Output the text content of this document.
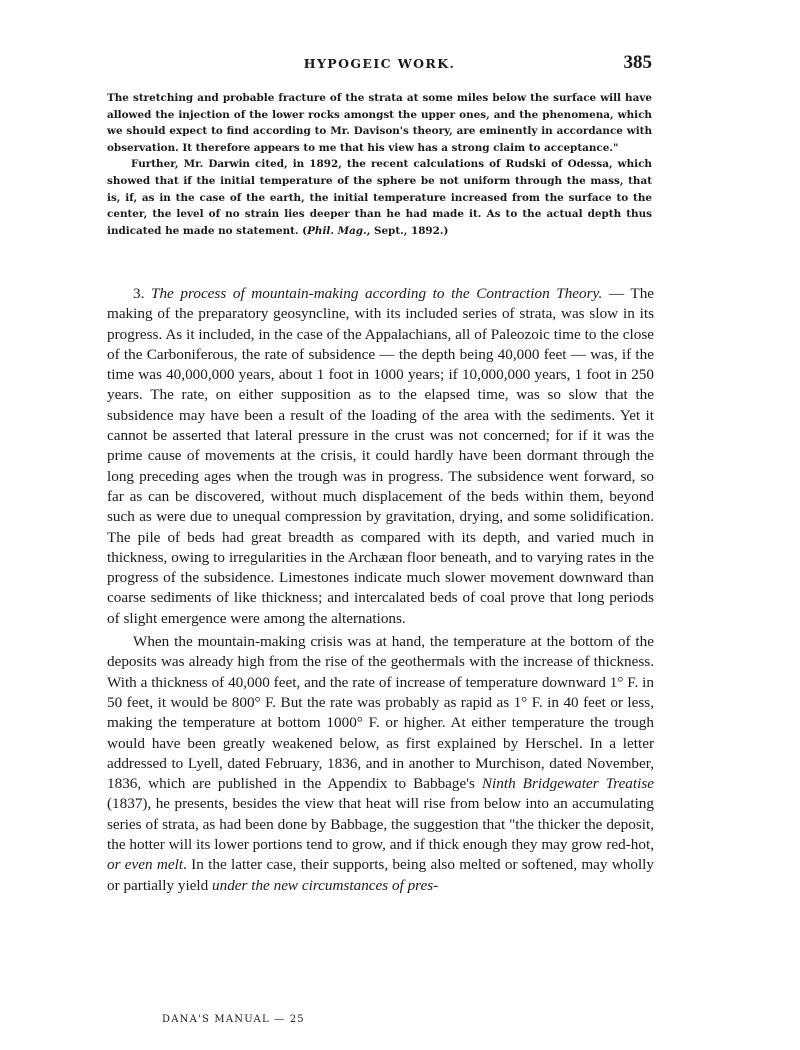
HYPOGEIC WORK.	385

The stretching and probable fracture of the strata at some miles below the surface will have allowed the injection of the lower rocks amongst the upper ones, and the phenomena, which we should expect to find according to Mr. Davison's theory, are eminently in accordance with observation. It therefore appears to me that his view has a strong claim to acceptance."

Further, Mr. Darwin cited, in 1892, the recent calculations of Rudski of Odessa, which showed that if the initial temperature of the sphere be not uniform through the mass, that is, if, as in the case of the earth, the initial temperature increased from the surface to the center, the level of no strain lies deeper than he had made it. As to the actual depth thus indicated he made no statement. (Phil. Mag., Sept., 1892.)

3. The process of mountain-making according to the Contraction Theory. — The making of the preparatory geosyncline, with its included series of strata, was slow in its progress. As it included, in the case of the Appalachians, all of Paleozoic time to the close of the Carboniferous, the rate of subsidence — the depth being 40,000 feet — was, if the time was 40,000,000 years, about 1 foot in 1000 years; if 10,000,000 years, 1 foot in 250 years. The rate, on either supposition as to the elapsed time, was so slow that the subsidence may have been a result of the loading of the area with the sediments. Yet it cannot be asserted that lateral pressure in the crust was not concerned; for if it was the prime cause of movements at the crisis, it could hardly have been dormant through the long preceding ages when the trough was in progress. The subsidence went forward, so far as can be discovered, without much displacement of the beds within them, beyond such as were due to unequal compression by gravitation, drying, and some solidification. The pile of beds had great breadth as compared with its depth, and varied much in thickness, owing to irregularities in the Archæan floor beneath, and to varying rates in the progress of the subsidence. Limestones indicate much slower movement downward than coarse sediments of like thickness; and intercalated beds of coal prove that long periods of slight emergence were among the alternations.

When the mountain-making crisis was at hand, the temperature at the bottom of the deposits was already high from the rise of the geothermals with the increase of thickness. With a thickness of 40,000 feet, and the rate of increase of temperature downward 1° F. in 50 feet, it would be 800° F. But the rate was probably as rapid as 1° F. in 40 feet or less, making the temperature at bottom 1000° F. or higher. At either temperature the trough would have been greatly weakened below, as first explained by Herschel. In a letter addressed to Lyell, dated February, 1836, and in another to Murchison, dated November, 1836, which are published in the Appendix to Babbage's Ninth Bridgewater Treatise (1837), he presents, besides the view that heat will rise from below into an accumulating series of strata, as had been done by Babbage, the suggestion that "the thicker the deposit, the hotter will its lower portions tend to grow, and if thick enough they may grow red-hot, or even melt. In the latter case, their supports, being also melted or softened, may wholly or partially yield under the new circumstances of pres-

DANA'S MANUAL — 25
